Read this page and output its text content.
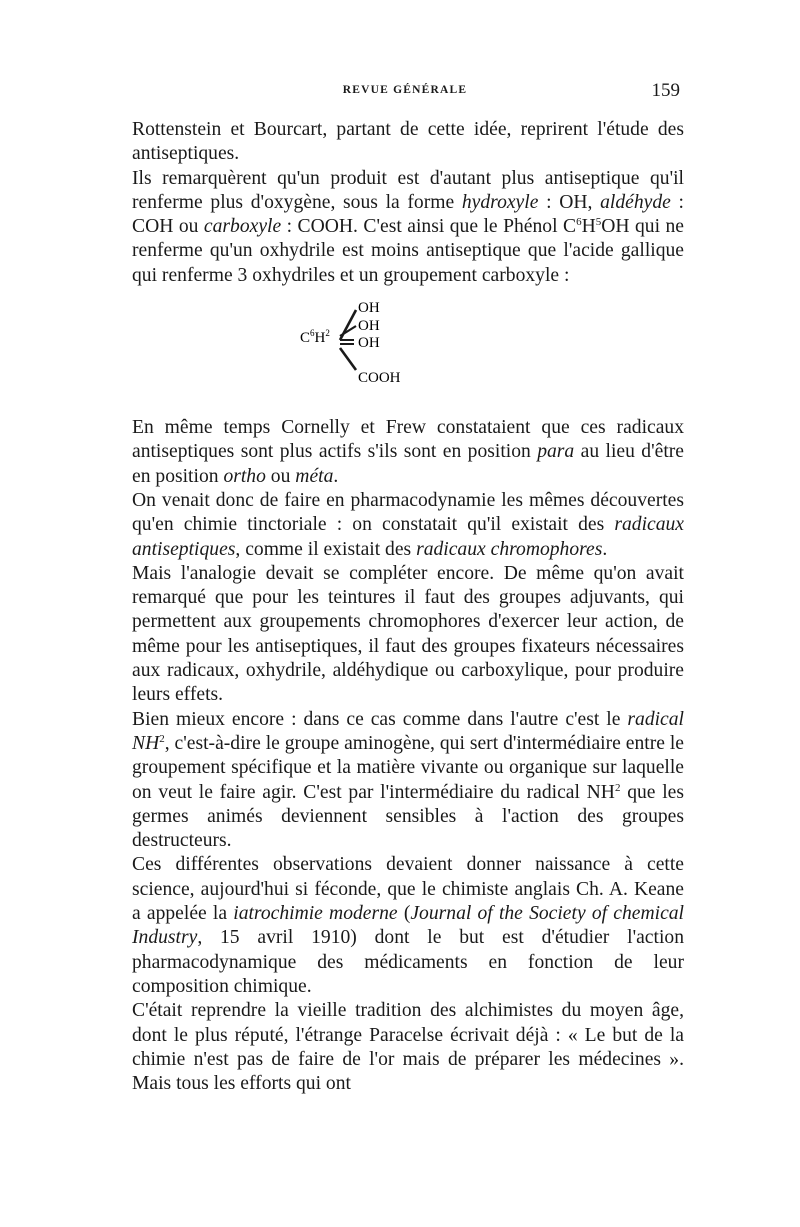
REVUE GÉNÉRALE	159

Rottenstein et Bourcart, partant de cette idée, reprirent l'étude des antiseptiques.

Ils remarquèrent qu'un produit est d'autant plus antiseptique qu'il renferme plus d'oxygène, sous la forme hydroxyle : OH, aldéhyde : COH ou carboxyle : COOH. C'est ainsi que le Phénol $C^6H^5OH$ qui ne renferme qu'un oxhydrile est moins antiseptique que l'acide gallique qui renferme 3 oxhydriles et un groupement carboxyle :

$C^6H^2$
OH
OH
OH
COOH

En même temps Cornelly et Frew constataient que ces radicaux antiseptiques sont plus actifs s'ils sont en position para au lieu d'être en position ortho ou méta.

On venait donc de faire en pharmacodynamie les mêmes découvertes qu'en chimie tinctoriale : on constatait qu'il existait des radicaux antiseptiques, comme il existait des radicaux chromophores.

Mais l'analogie devait se compléter encore. De même qu'on avait remarqué que pour les teintures il faut des groupes adjuvants, qui permettent aux groupements chromophores d'exercer leur action, de même pour les antiseptiques, il faut des groupes fixateurs nécessaires aux radicaux, oxhydrile, aldéhydique ou carboxylique, pour produire leurs effets.

Bien mieux encore : dans ce cas comme dans l'autre c'est le radical $NH^2$, c'est-à-dire le groupe aminogène, qui sert d'intermédiaire entre le groupement spécifique et la matière vivante ou organique sur laquelle on veut le faire agir. C'est par l'intermédiaire du radical $NH^2$ que les germes animés deviennent sensibles à l'action des groupes destructeurs.

Ces différentes observations devaient donner naissance à cette science, aujourd'hui si féconde, que le chimiste anglais Ch. A. Keane a appelée la iatrochimie moderne (Journal of the Society of chemical Industry, 15 avril 1910) dont le but est d'étudier l'action pharmacodynamique des médicaments en fonction de leur composition chimique.

C'était reprendre la vieille tradition des alchimistes du moyen âge, dont le plus réputé, l'étrange Paracelse écrivait déjà : « Le but de la chimie n'est pas de faire de l'or mais de préparer les médecines ». Mais tous les efforts qui ont
